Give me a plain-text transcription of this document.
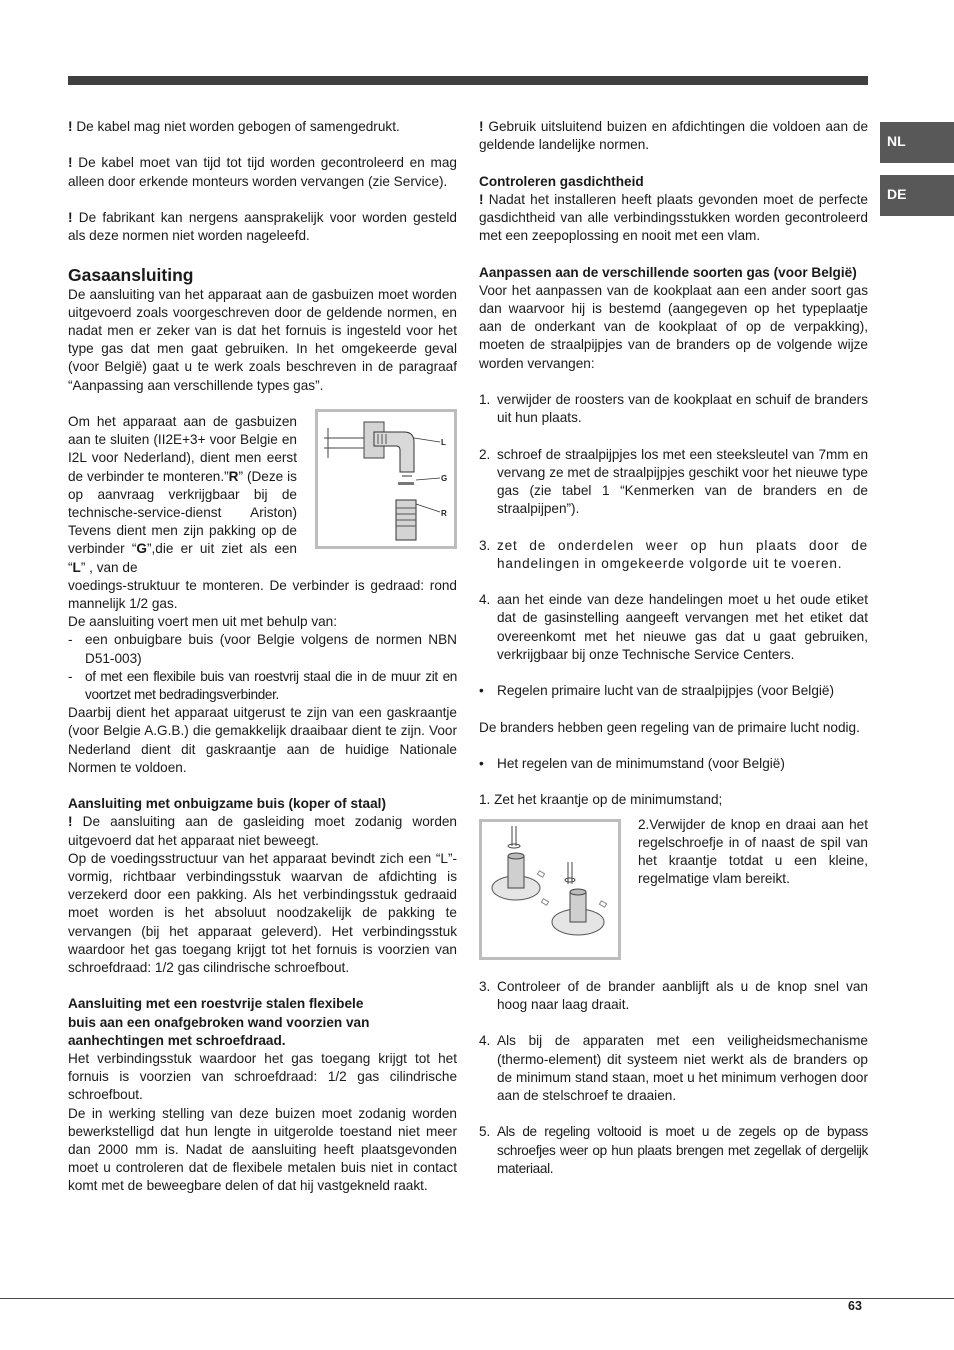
NL
DE

! De kabel mag niet worden gebogen of samengedrukt.

! De kabel moet van tijd tot tijd worden gecontroleerd en mag alleen door erkende monteurs worden vervangen (zie Service).

! De fabrikant kan nergens aansprakelijk voor worden gesteld als deze normen niet worden nageleefd.

Gasaansluiting

De aansluiting van het apparaat aan de gasbuizen moet worden uitgevoerd zoals voorgeschreven door de geldende normen, en nadat men er zeker van is dat het fornuis is ingesteld voor het type gas dat men gaat gebruiken. In het omgekeerde geval (voor België) gaat u te werk zoals beschreven in de paragraaf “Aanpassing aan verschillende types gas”.

Om het apparaat aan de gasbuizen aan te sluiten (II2E+3+ voor Belgie en I2L voor Nederland), dient men eerst de verbinder te monteren.”R” (Deze is op aanvraag verkrijgbaar bij de technische-service-dienst Ariston) Tevens dient men zijn pakking op de verbinder “G”,die er uit ziet als een “L” , van de

L
G
R

voedings-struktuur te monteren. De verbinder is gedraad: rond mannelijk 1/2 gas.

De aansluiting voert men uit met behulp van:

- een onbuigbare buis (voor Belgie volgens de normen NBN D51-003)
- of met een flexibile buis van roestvrij staal die in de muur zit en voortzet met bedradingsverbinder.

Daarbij dient het apparaat uitgerust te zijn van een gaskraantje (voor Belgie A.G.B.) die gemakkelijk draaibaar dient te zijn. Voor Nederland dient dit gaskraantje aan de huidige Nationale Normen te voldoen.

Aansluiting met onbuigzame buis (koper of staal)

! De aansluiting aan de gasleiding moet zodanig worden uitgevoerd dat het apparaat niet beweegt.

Op de voedingsstructuur van het apparaat bevindt zich een “L”-vormig, richtbaar verbindingsstuk waarvan de afdichting is verzekerd door een pakking. Als het verbindingsstuk gedraaid moet worden is het absoluut noodzakelijk de pakking te vervangen (bij het apparaat geleverd). Het verbindingsstuk waardoor het gas toegang krijgt tot het fornuis is voorzien van schroefdraad: 1/2 gas cilindrische schroefbout.

Aansluiting met een roestvrije stalen flexibele
buis aan een onafgebroken wand voorzien van
aanhechtingen met schroefdraad.

Het verbindingsstuk waardoor het gas toegang krijgt tot het fornuis is voorzien van schroefdraad: 1/2 gas cilindrische schroefbout.

De in werking stelling van deze buizen moet zodanig worden bewerkstelligd dat hun lengte in uitgerolde toestand niet meer dan 2000 mm is. Nadat de aansluiting heeft plaatsgevonden moet u controleren dat de flexibele metalen buis niet in contact komt met de beweegbare delen of dat hij vastgekneld raakt.

! Gebruik uitsluitend buizen en afdichtingen die voldoen aan de geldende landelijke normen.

Controleren gasdichtheid

! Nadat het installeren heeft plaats gevonden moet de perfecte gasdichtheid van alle verbindingsstukken worden gecontroleerd met een zeepoplossing en nooit met een vlam.

Aanpassen aan de verschillende soorten gas (voor België)

Voor het aanpassen van de kookplaat aan een ander soort gas dan waarvoor hij is bestemd (aangegeven op het typeplaatje aan de onderkant van de kookplaat of op de verpakking), moeten de straalpijpjes van de branders op de volgende wijze worden vervangen:

1. verwijder de roosters van de kookplaat en schuif de branders uit hun plaats.
2. schroef de straalpijpjes los met een steeksleutel van 7mm en vervang ze met de straalpijpjes geschikt voor het nieuwe type gas (zie tabel 1 “Kenmerken van de branders en de straalpijpen”).
3. zet de onderdelen weer op hun plaats door de handelingen in omgekeerde volgorde uit te voeren.
4. aan het einde van deze handelingen moet u het oude etiket dat de gasinstelling aangeeft vervangen met het etiket dat overeenkomt met het nieuwe gas dat u gaat gebruiken, verkrijgbaar bij onze Technische Service Centers.
• Regelen primaire lucht van de straalpijpjes (voor België)

De branders hebben geen regeling van de primaire lucht nodig.

• Het regelen van de minimumstand (voor België)

1. Zet het kraantje op de minimumstand;

2.Verwijder de knop en draai aan het regelschroefje in of naast de spil van het kraantje totdat u een kleine, regelmatige vlam bereikt.

3. Controleer of de brander aanblijft als u de knop snel van hoog naar laag draait.
4. Als bij de apparaten met een veiligheidsmechanisme (thermo-element) dit systeem niet werkt als de branders op de minimum stand staan, moet u het minimum verhogen door aan de stelschroef te draaien.
5. Als de regeling voltooid is moet u de zegels op de bypass schroefjes weer op hun plaats brengen met zegellak of dergelijk materiaal.
63
